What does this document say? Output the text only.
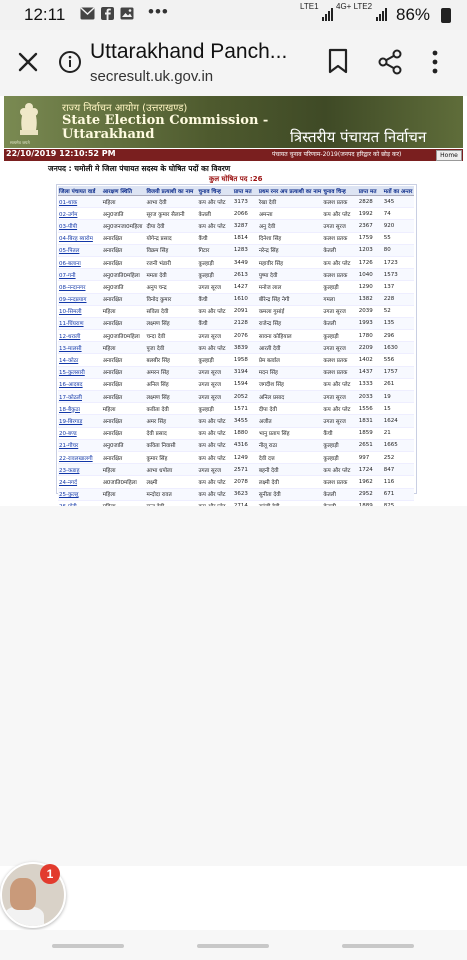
12:11	•••	LTE1 4G+ LTE2 86%
Uttarakhand Panch...
secresult.uk.gov.in
सत्यमेव जयते
राज्य निर्वाचन आयोग (उत्तराखण्ड)
State Election Commission -
Uttarakhand	त्रिस्तरीय पंचायत निर्वाचन
22/10/2019 12:10:52 PM	पंचायत चुनाव परिणाम-2019(जनपद हरिद्वार को छोड़ कर)	Home
जनपद : चमोली मे जिला पंचायत सदस्य के घोषित पदों का विवरण
कुल घोषित पद :26
जिला पंचायत वार्ड	आरक्षण स्थिति	विजयी प्रत्याशी का नाम	चुनाव चिन्ह	प्राप्त मत	प्रथम रनर अप प्रत्याशी का नाम	चुनाव चिन्ह	प्राप्त मत	मतों का अन्तर
01-थाक	महिला	आभा देवी	कप और प्लेट	3173	रेखा देवी	कलश प्रतक	2828	345
02-उर्गम	अनु0जाति	सूरज कुमार सैलानी	केतली	2066	अमन्ता	कप और प्लेट	1992	74
03-पीपी	अनु0जनजा0महिला	दीपा देवी	कप और प्लेट	3287	अनु देवी	उगता सूरज	2367	920
04-बिरह ब्यारोम	अनारक्षित	योगेन्द्र प्रसाद	कैंची	1814	दिनेशा सिंह	कलश प्रतक	1759	55
05-पितल	अनारक्षित	विक्रम सिंह	गिटार	1283	नरेन्द्र सिंह	केतली	1203	80
06-बलाना	अनारक्षित	रजनी भंडारी	कुल्हाड़ी	3449	महावीर सिंह	कप और प्लेट	1726	1723
07-गनी	अनु0जाति0महिला	ममता देवी	कुल्हाड़ी	2613	पुष्पा देवी	कलश प्रतक	1040	1573
08-नन्दानगर	अनु0जाति	अनुप चन्द्र	उगता सूरज	1427	मनोज लाल	कुल्हाड़ी	1290	137
09-नन्दप्रयाग	अनारक्षित	विनोद कुमार	कैंची	1610	बीरेन्द्र सिंह नेगी	गमला	1382	228
10-सिमली	महिला	सविता देवी	कप और प्लेट	2091	कमला गुसांई	उगता सूरज	2039	52
11-घिंघराण	अनारक्षित	लक्ष्मण सिंह	कैंची	2128	राजेन्द्र सिंह	केतली	1993	135
12-थराली	अनु0जाति0महिला	चन्दा देवी	उगता सूरज	2076	सावना कोहियाल	कुल्हाड़ी	1780	296
13-मालसी	महिला	पूजा देवी	कप और प्लेट	3839	आरती देवी	उगता सूरज	2209	1630
14-कोठा	अनारक्षित	बलबीर सिंह	कुल्हाड़ी	1958	प्रेम बर्त्वाल	कलश प्रतक	1402	556
15-कुलसारी	अनारक्षित	अमरन सिंह	उगता सूरज	3194	मदन सिंह	कलश प्रतक	1437	1757
16-आदबद	अनारक्षित	अनिल सिंह	उगता सूरज	1594	जगदीश सिंह	कप और प्लेट	1333	261
17-कोठली	अनारक्षित	लक्ष्मण सिंह	उगता सूरज	2052	अनिल प्रसाद	उगता सूरज	2033	19
18-बैकुठा	महिला	कवीता देवी	कुल्हाड़ी	1571	दीपा देवी	कप और प्लेट	1556	15
19-बिरगाड़	अनारक्षित	अमर सिंह	कप और प्लेट	3455	अजीत	उगता सूरज	1831	1624
20-बण्ड	अनारक्षित	देवी प्रसाद	कप और प्लेट	1880	भानु प्रताप सिंह	कैंची	1859	21
21-गौचर	अनु0जाति	कविता निवासी	कप और प्लेट	4316	नीलू राठा	कुल्हाड़ी	2651	1665
22-रावलखालगी	अनारक्षित	कुमार सिंह	कप और प्लेट	1249	देवी दत्त	कुल्हाड़ी	997	252
23-कडाह	महिला	आभा धपोला	उगता सूरज	2571	बहनी देवी	कप और प्लेट	1724	847
24-नगर्द	अ0जाति0महिला	लक्ष्मी	कप और प्लेट	2078	लक्ष्मी देवी	कलश प्रतक	1962	116
25-कुल्लू	महिला	मन्दोदा रावत	कप और प्लेट	3623	सुनीता देवी	केतली	2952	671

1
